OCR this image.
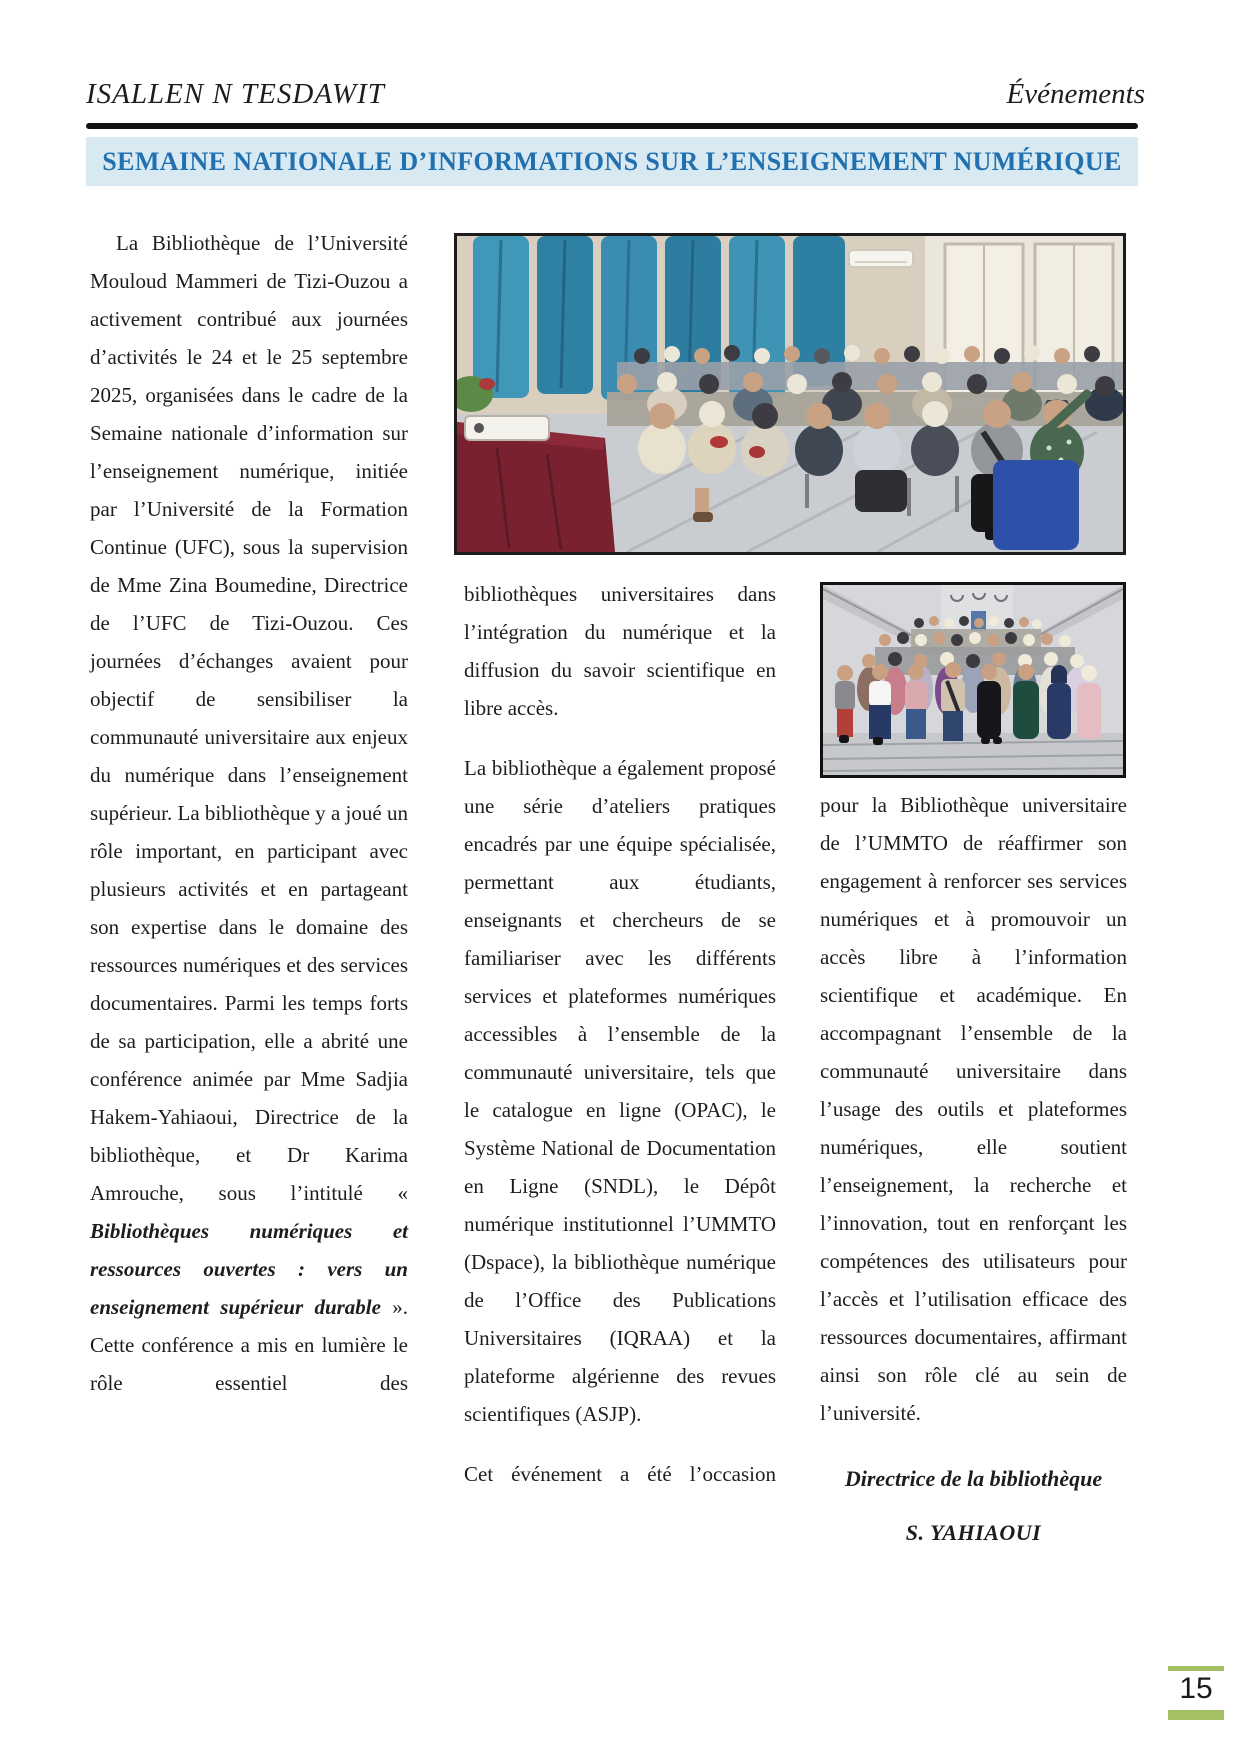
ISALLEN N TESDAWIT	Événements
SEMAINE NATIONALE D’INFORMATIONS SUR L’ENSEIGNEMENT NUMÉRIQUE

La Bibliothèque de l’Université Mouloud Mammeri de Tizi-Ouzou a activement contribué aux journées d’activités le 24 et le 25 septembre 2025, organisées dans le cadre de la Semaine nationale d’information sur l’enseignement numérique, initiée par l’Université de la Formation Continue (UFC), sous la supervision de Mme Zina Boumedine, Directrice de l’UFC de Tizi-Ouzou. Ces journées d’échanges avaient pour objectif de sensibiliser la communauté universitaire aux enjeux du numérique dans l’enseignement supérieur. La bibliothèque y a joué un rôle important, en participant avec plusieurs activités et en partageant son expertise dans le domaine des ressources numériques et des services documentaires. Parmi les temps forts de sa participation, elle a abrité une conférence animée par Mme Sadjia Hakem-Yahiaoui, Directrice de la bibliothèque, et Dr Karima Amrouche, sous l’intitulé « Bibliothèques numériques et ressources ouvertes : vers un enseignement supérieur durable ». Cette conférence a mis en lumière le rôle essentiel des

bibliothèques universitaires dans l’intégration du numérique et la diffusion du savoir scientifique en libre accès.

La bibliothèque a également proposé une série d’ateliers pratiques encadrés par une équipe spécialisée, permettant aux étudiants, enseignants et chercheurs de se familiariser avec les différents services et plateformes numériques accessibles à l’ensemble de la communauté universitaire, tels que le catalogue en ligne (OPAC), le Système National de Documentation en Ligne (SNDL), le Dépôt numérique institutionnel l’UMMTO (Dspace), la bibliothèque numérique de l’Office des Publications Universitaires (IQRAA) et la plateforme algérienne des revues scientifiques (ASJP).

Cet événement a été l’occasion

pour la Bibliothèque universitaire de l’UMMTO de réaffirmer son engagement à renforcer ses services numériques et à promouvoir un accès libre à l’information scientifique et académique. En accompagnant l’ensemble de la communauté universitaire dans l’usage des outils et plateformes numériques, elle soutient l’enseignement, la recherche et l’innovation, tout en renforçant les compétences des utilisateurs pour l’accès et l’utilisation efficace des ressources documentaires, affirmant ainsi son rôle clé au sein de l’université.

Directrice de la bibliothèque
S. YAHIAOUI
15
